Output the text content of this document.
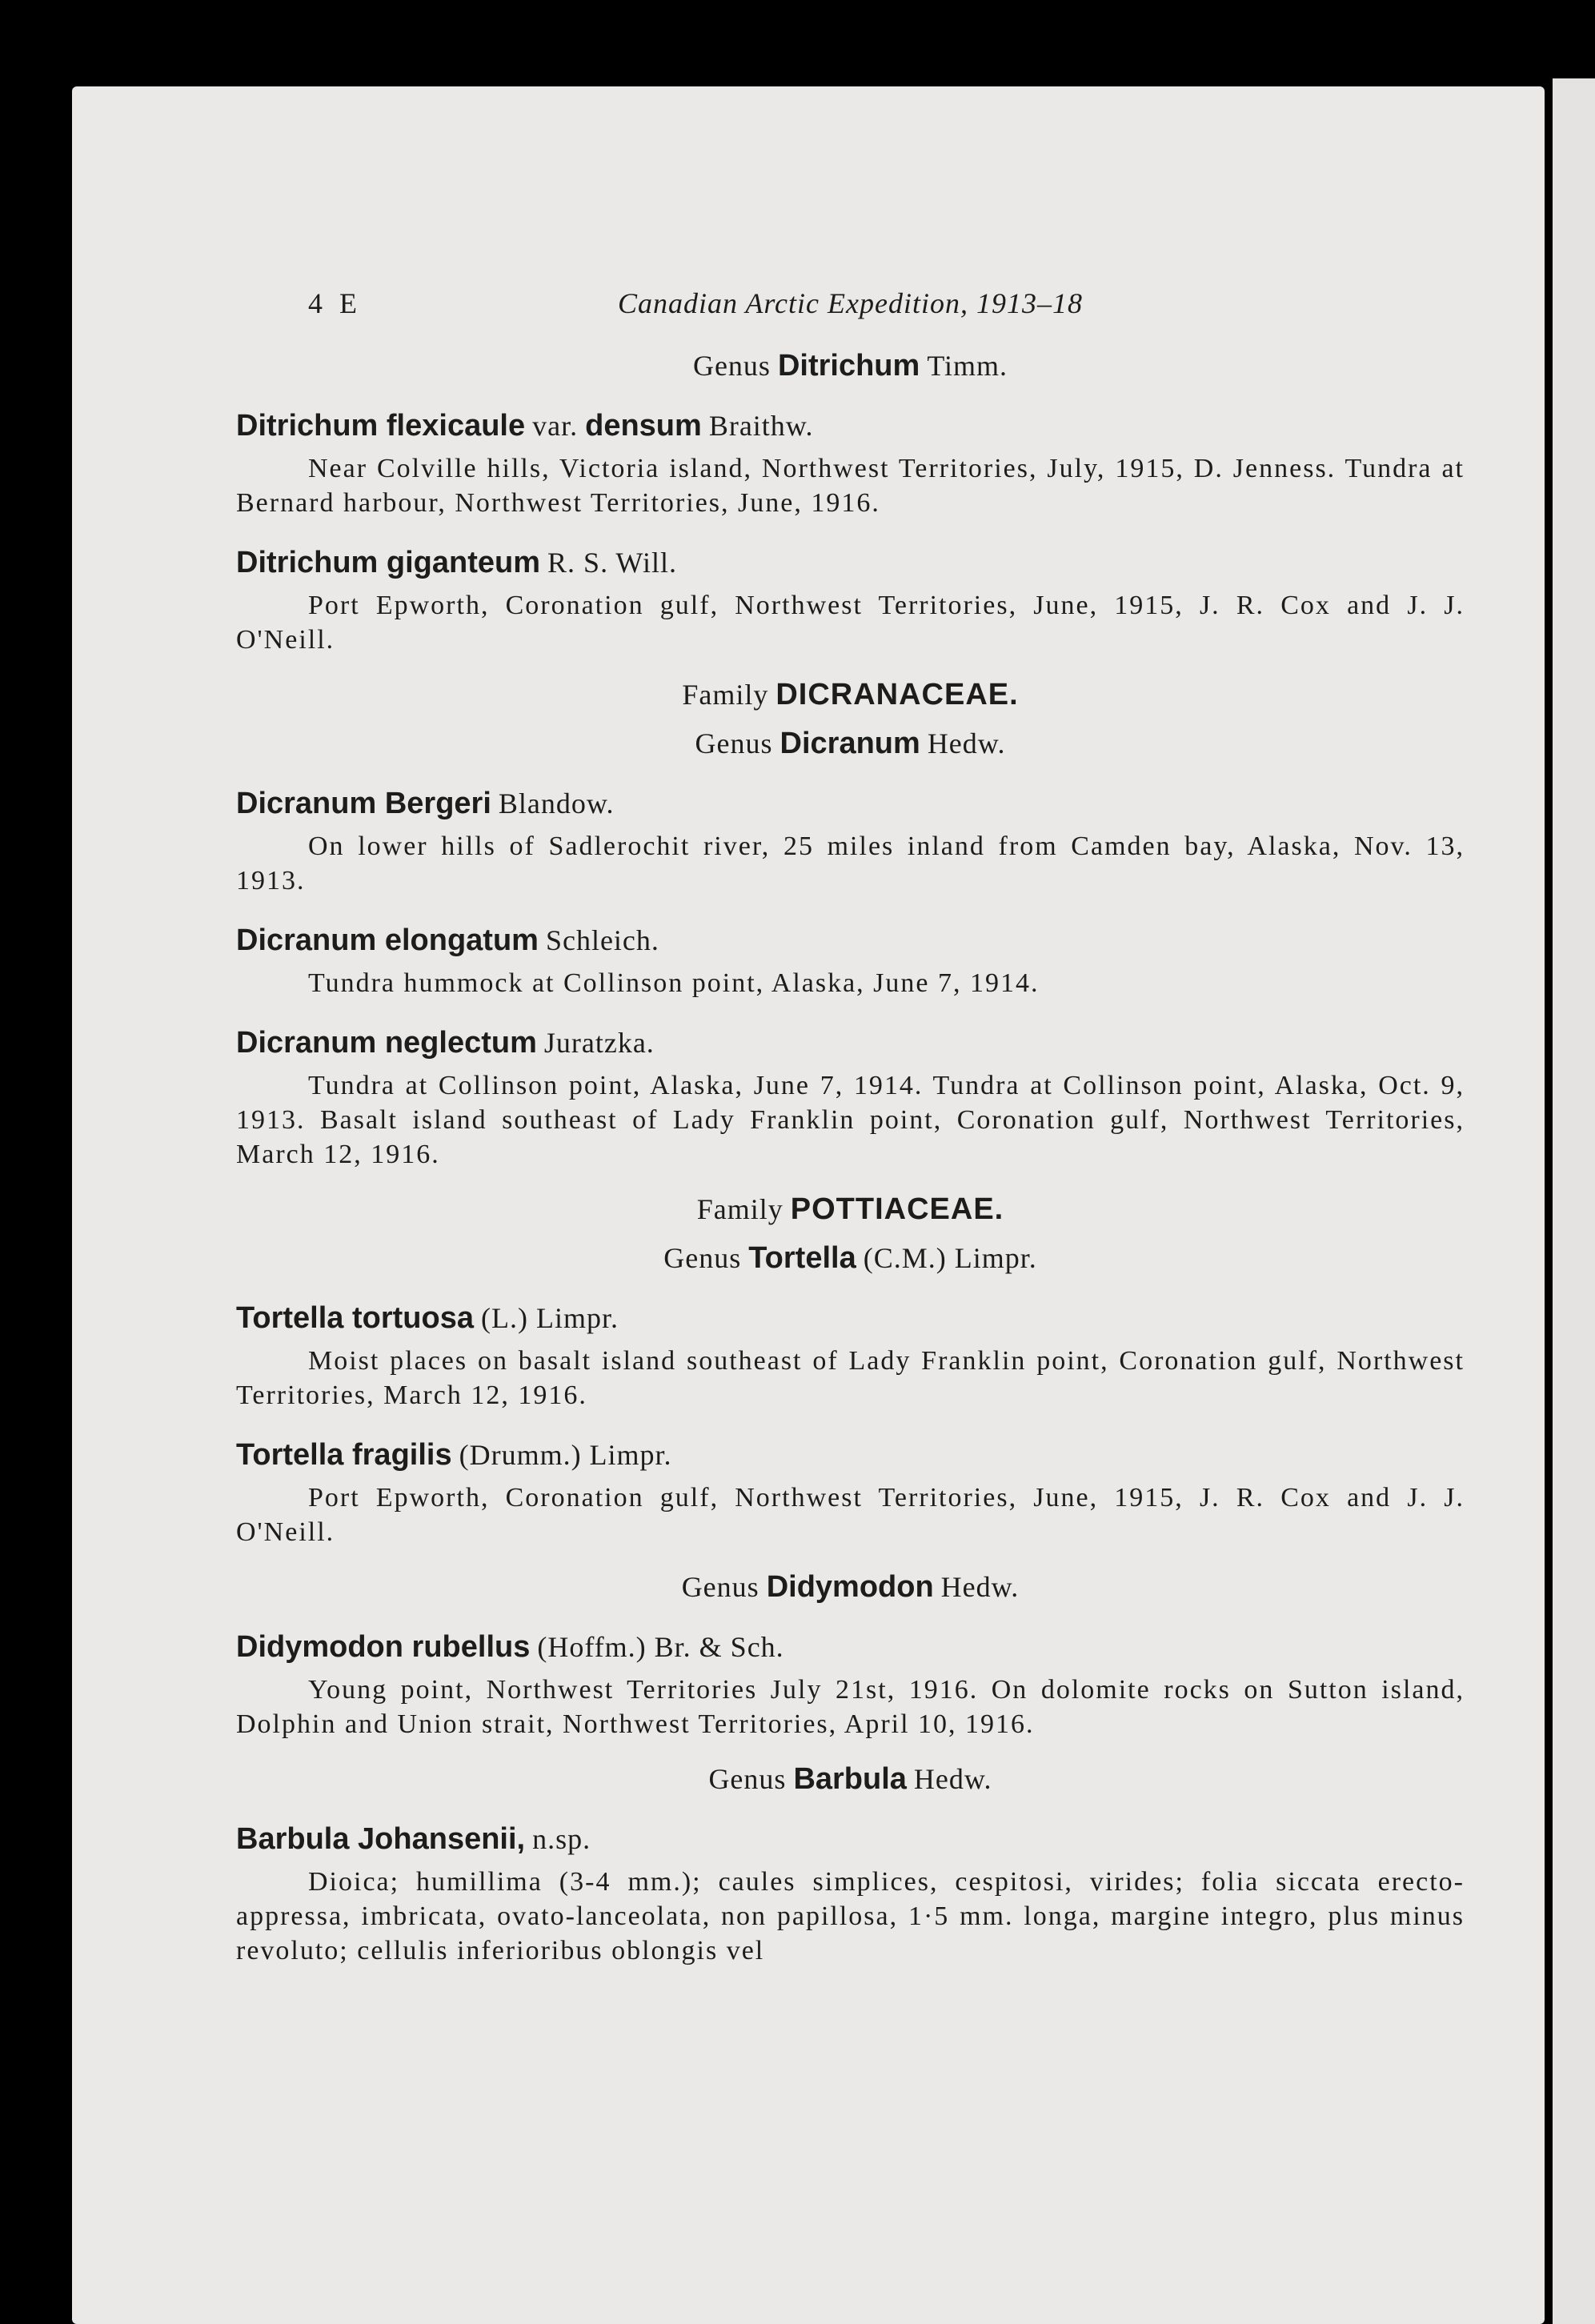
4 E	Canadian Arctic Expedition, 1913–18
Genus Ditrichum Timm.
Ditrichum flexicaule var. densum Braithw.

Near Colville hills, Victoria island, Northwest Territories, July, 1915, D. Jenness. Tundra at Bernard harbour, Northwest Territories, June, 1916.

Ditrichum giganteum R. S. Will.

Port Epworth, Coronation gulf, Northwest Territories, June, 1915, J. R. Cox and J. J. O'Neill.

Family DICRANACEAE.
Genus Dicranum Hedw.
Dicranum Bergeri Blandow.

On lower hills of Sadlerochit river, 25 miles inland from Camden bay, Alaska, Nov. 13, 1913.

Dicranum elongatum Schleich.

Tundra hummock at Collinson point, Alaska, June 7, 1914.

Dicranum neglectum Juratzka.

Tundra at Collinson point, Alaska, June 7, 1914. Tundra at Collinson point, Alaska, Oct. 9, 1913. Basalt island southeast of Lady Franklin point, Coronation gulf, Northwest Territories, March 12, 1916.

Family POTTIACEAE.
Genus Tortella (C.M.) Limpr.
Tortella tortuosa (L.) Limpr.

Moist places on basalt island southeast of Lady Franklin point, Coronation gulf, Northwest Territories, March 12, 1916.

Tortella fragilis (Drumm.) Limpr.

Port Epworth, Coronation gulf, Northwest Territories, June, 1915, J. R. Cox and J. J. O'Neill.

Genus Didymodon Hedw.
Didymodon rubellus (Hoffm.) Br. & Sch.

Young point, Northwest Territories July 21st, 1916. On dolomite rocks on Sutton island, Dolphin and Union strait, Northwest Territories, April 10, 1916.

Genus Barbula Hedw.
Barbula Johansenii, n.sp.

Dioica; humillima (3-4 mm.); caules simplices, cespitosi, virides; folia siccata erecto-appressa, imbricata, ovato-lanceolata, non papillosa, 1·5 mm. longa, margine integro, plus minus revoluto; cellulis inferioribus oblongis vel
